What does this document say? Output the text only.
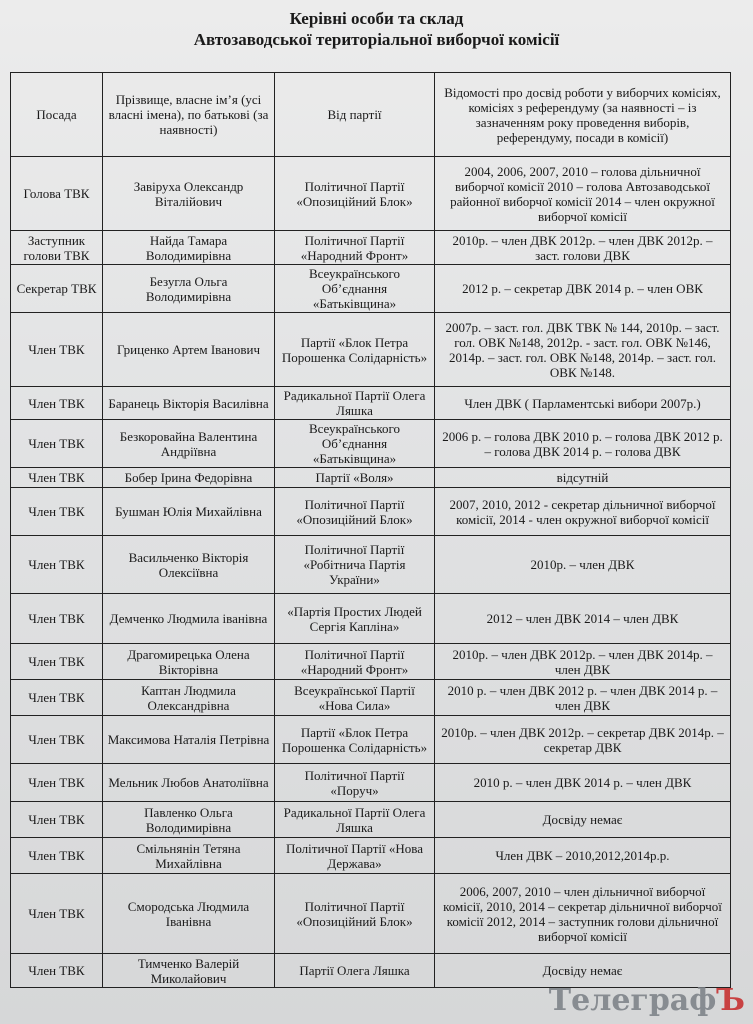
Керівні особи та склад
Автозаводської територіальної виборчої комісії
Посада	Прізвище, власне ім’я (усі власні імена), по батькові (за наявності)	Від партії	Відомості про досвід роботи у виборчих комісіях, комісіях з референдуму (за наявності – із зазначенням року проведення виборів, референдуму, посади в комісії)
Голова ТВК	Завіруха Олександр Віталійович	Політичної Партії «Опозиційний Блок»	2004, 2006, 2007, 2010 – голова дільничної виборчої комісії 2010 – голова Автозаводської районної виборчої комісії 2014 – член окружної виборчої комісії
Заступник голови ТВК	Найда Тамара Володимирівна	Політичної Партії «Народний Фронт»	2010р. – член ДВК 2012р. – член ДВК 2012р. – заст. голови ДВК
Секретар ТВК	Безугла Ольга Володимирівна	Всеукраїнського Об’єднання «Батьківщина»	2012 р. – секретар ДВК 2014 р. – член ОВК
Член ТВК	Гриценко Артем Іванович	Партії «Блок Петра Порошенка Солідарність»	2007р. – заст. гол. ДВК ТВК № 144, 2010р. – заст. гол. ОВК №148, 2012р. - заст. гол. ОВК №146, 2014р. – заст. гол. ОВК №148, 2014р. – заст. гол. ОВК №148.
Член ТВК	Баранець Вікторія Василівна	Радикальної Партії Олега Ляшка	Член ДВК ( Парламентські вибори 2007р.)
Член ТВК	Безкоровайна Валентина Андріївна	Всеукраїнського Об’єднання «Батьківщина»	2006 р. – голова ДВК 2010 р. – голова ДВК 2012 р. – голова ДВК 2014 р. – голова ДВК
Член ТВК	Бобер Ірина Федорівна	Партії «Воля»	відсутній
Член ТВК	Бушман Юлія Михайлівна	Політичної Партії «Опозиційний Блок»	2007, 2010, 2012 - секретар дільничної виборчої комісії, 2014 - член окружної виборчої комісії
Член ТВК	Васильченко Вікторія Олексіївна	Політичної Партії «Робітнича Партія України»	2010р. – член ДВК
Член ТВК	Демченко Людмила іванівна	«Партія Простих Людей Сергія Капліна»	2012 – член ДВК 2014 – член ДВК
Член ТВК	Драгомирецька Олена Вікторівна	Політичної Партії «Народний Фронт»	2010р. – член ДВК 2012р. – член ДВК 2014р. – член ДВК
Член ТВК	Каптан Людмила Олександрівна	Всеукраїнської Партії «Нова Сила»	2010 р. – член ДВК 2012 р. – член ДВК 2014 р. – член ДВК
Член ТВК	Максимова Наталія Петрівна	Партії «Блок Петра Порошенка Солідарність»	2010р. – член ДВК 2012р. – секретар ДВК 2014р. – секретар ДВК
Член ТВК	Мельник Любов Анатоліївна	Політичної Партії «Поруч»	2010 р. – член ДВК 2014 р. – член ДВК
Член ТВК	Павленко Ольга Володимирівна	Радикальної Партії Олега Ляшка	Досвіду немає
Член ТВК	Смільнянін Тетяна Михайлівна	Політичної Партії «Нова Держава»	Член ДВК – 2010,2012,2014р.р.
Член ТВК	Смородська Людмила Іванівна	Політичної Партії «Опозиційний Блок»	2006, 2007, 2010 – член дільничної виборчої комісії, 2010, 2014 – секретар дільничної виборчої комісії 2012, 2014 – заступник голови дільничної виборчої комісії
Член ТВК	Тимченко Валерій Миколайович	Партії Олега Ляшка	Досвіду немає
ТелеграфЪ
